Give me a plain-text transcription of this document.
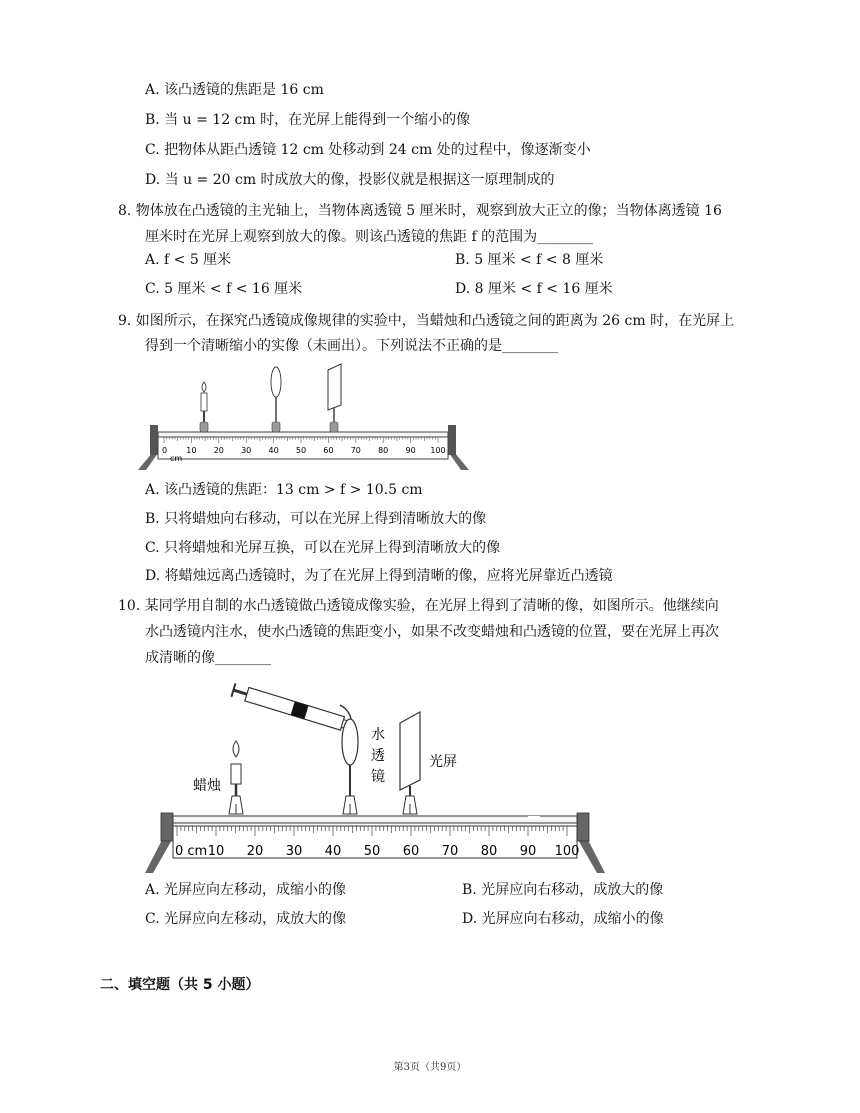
A. 该凸透镜的焦距是 16 cm
B. 当 u = 12 cm 时，在光屏上能得到一个缩小的像
C. 把物体从距凸透镜 12 cm 处移动到 24 cm 处的过程中，像逐渐变小
D. 当 u = 20 cm 时成放大的像，投影仪就是根据这一原理制成的
8. 物体放在凸透镜的主光轴上，当物体离透镜 5 厘米时，观察到放大正立的像；当物体离透镜 16
厘米时在光屏上观察到放大的像。则该凸透镜的焦距 f 的范围为________
A. f < 5 厘米	B. 5 厘米 < f < 8 厘米
C. 5 厘米 < f < 16 厘米	D. 8 厘米 < f < 16 厘米
9. 如图所示，在探究凸透镜成像规律的实验中，当蜡烛和凸透镜之间的距离为 26 cm 时，在光屏上
得到一个清晰缩小的实像（未画出）。下列说法不正确的是________
0 10 20 30 40 50 60 70 80 90 100
cm
A. 该凸透镜的焦距：13 cm > f > 10.5 cm
B. 只将蜡烛向右移动，可以在光屏上得到清晰放大的像
C. 只将蜡烛和光屏互换，可以在光屏上得到清晰放大的像
D. 将蜡烛远离凸透镜时，为了在光屏上得到清晰的像，应将光屏靠近凸透镜
10. 某同学用自制的水凸透镜做凸透镜成像实验，在光屏上得到了清晰的像，如图所示。他继续向
水凸透镜内注水，使水凸透镜的焦距变小，如果不改变蜡烛和凸透镜的位置，要在光屏上再次
成清晰的像________
蜡烛
水
透
镜
光屏
0 cm 10 20 30 40 50 60 70 80 90 100
A. 光屏应向左移动，成缩小的像	B. 光屏应向右移动，成放大的像
C. 光屏应向左移动，成放大的像	D. 光屏应向右移动，成缩小的像
二、填空题（共 5 小题）
第3页（共9页）
